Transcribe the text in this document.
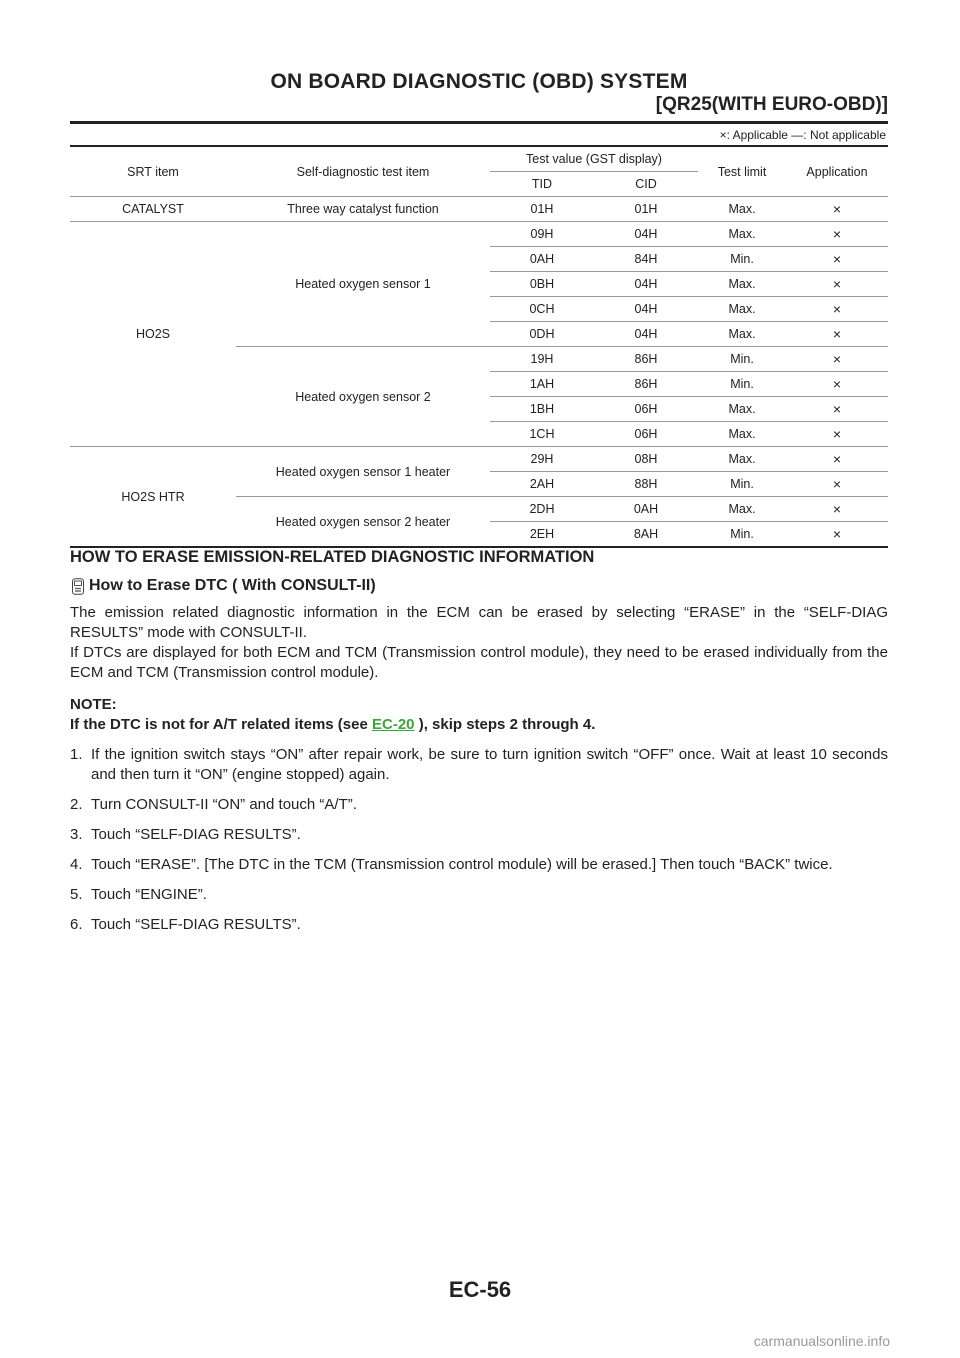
ON BOARD DIAGNOSTIC (OBD) SYSTEM
[QR25(WITH EURO-OBD)]
×: Applicable —: Not applicable
SRT item	Self-diagnostic test item	Test value (GST display)		Test limit	Application
		TID	CID		
CATALYST	Three way catalyst function	01H	01H	Max.	×
HO2S	Heated oxygen sensor 1	09H	04H	Max.	×
		0AH	84H	Min.	×
		0BH	04H	Max.	×
		0CH	04H	Max.	×
		0DH	04H	Max.	×
	Heated oxygen sensor 2	19H	86H	Min.	×
		1AH	86H	Min.	×
		1BH	06H	Max.	×
		1CH	06H	Max.	×
HO2S HTR	Heated oxygen sensor 1 heater	29H	08H	Max.	×
		2AH	88H	Min.	×
	Heated oxygen sensor 2 heater	2DH	0AH	Max.	×
		2EH	8AH	Min.	×
HOW TO ERASE EMISSION-RELATED DIAGNOSTIC INFORMATION
How to Erase DTC ( With CONSULT-II)

The emission related diagnostic information in the ECM can be erased by selecting “ERASE” in the “SELF-DIAG RESULTS” mode with CONSULT-II.

If DTCs are displayed for both ECM and TCM (Transmission control module), they need to be erased individually from the ECM and TCM (Transmission control module).

NOTE:
If the DTC is not for A/T related items (see EC-20 ), skip steps 2 through 4.
1. If the ignition switch stays “ON” after repair work, be sure to turn ignition switch “OFF” once. Wait at least 10 seconds and then turn it “ON” (engine stopped) again.
2. Turn CONSULT-II “ON” and touch “A/T”.
3. Touch “SELF-DIAG RESULTS”.
4. Touch “ERASE”. [The DTC in the TCM (Transmission control module) will be erased.] Then touch “BACK” twice.
5. Touch “ENGINE”.
6. Touch “SELF-DIAG RESULTS”.
EC-56
carmanualsonline.info
